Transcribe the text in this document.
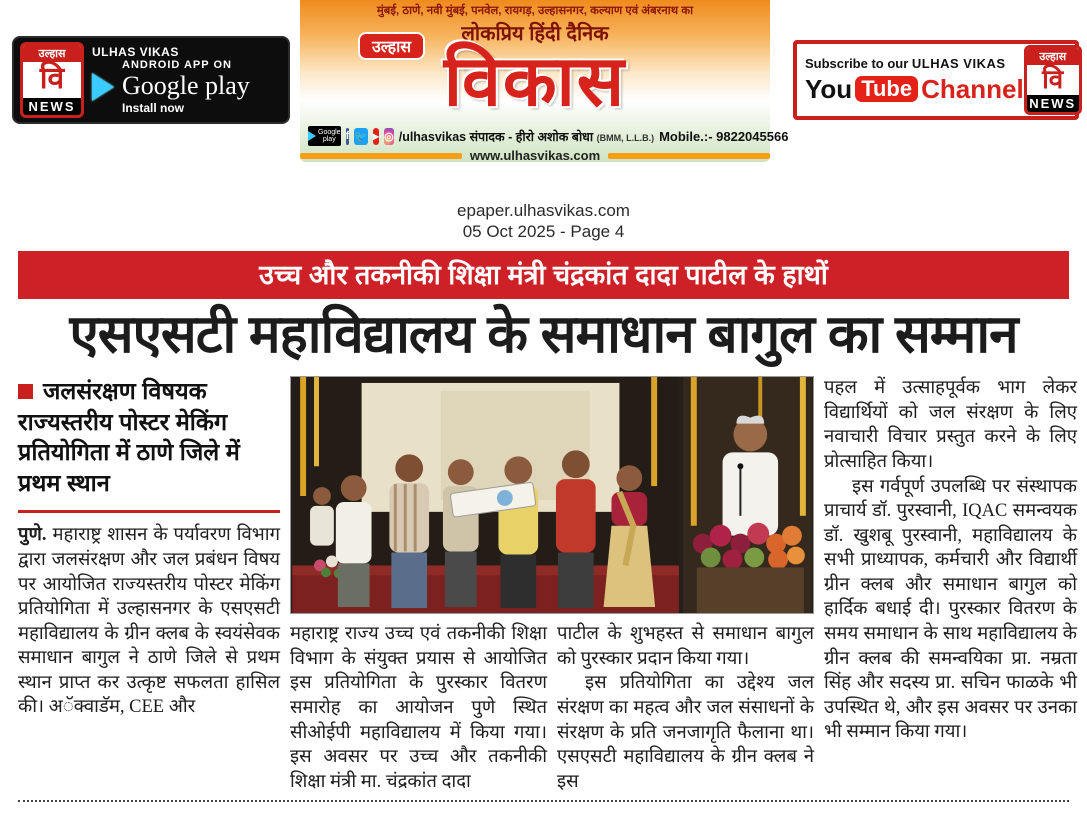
उल्हास
वि
NEWS
ULHAS VIKAS
ANDROID APP ON
Google play
Install now
मुंबई, ठाणे, नवी मुंबई, पनवेल, रायगड़, उल्हासनगर, कल्याण एवं अंबरनाथ का
लोकप्रिय हिंदी दैनिक
उल्हास विकास
Google play f 🐦 ▶ ◎ /ulhasvikas संपादक - हीरो अशोक बोधा (BMM, L.L.B.) Mobile.:- 9822045566
www.ulhasvikas.com
Subscribe to our ULHAS VIKAS
You Tube Channel
उल्हास
वि
NEWS
epaper.ulhasvikas.com
05 Oct 2025 - Page 4
उच्च और तकनीकी शिक्षा मंत्री चंद्रकांत दादा पाटील के हाथों
एसएसटी महाविद्यालय के समाधान बागुल का सम्मान
जलसंरक्षण विषयक राज्यस्तरीय पोस्टर मेकिंग प्रतियोगिता में ठाणे जिले में प्रथम स्थान

पुणे. महाराष्ट्र शासन के पर्यावरण विभाग द्वारा जलसंरक्षण और जल प्रबंधन विषय पर आयोजित राज्यस्तरीय पोस्टर मेकिंग प्रतियोगिता में उल्हासनगर के एसएसटी महाविद्यालय के ग्रीन क्लब के स्वयंसेवक समाधान बागुल ने ठाणे जिले से प्रथम स्थान प्राप्त कर उत्कृष्ट सफलता हासिल की। अॅक्वाडॅम, CEE और

महाराष्ट्र राज्य उच्च एवं तकनीकी शिक्षा विभाग के संयुक्त प्रयास से आयोजित इस प्रतियोगिता के पुरस्कार वितरण समारोह का आयोजन पुणे स्थित सीओईपी महाविद्यालय में किया गया। इस अवसर पर उच्च और तकनीकी शिक्षा मंत्री मा. चंद्रकांत दादा

पाटील के शुभहस्त से समाधान बागुल को पुरस्कार प्रदान किया गया।

इस प्रतियोगिता का उद्देश्य जल संरक्षण का महत्व और जल संसाधनों के संरक्षण के प्रति जनजागृति फैलाना था। एसएसटी महाविद्यालय के ग्रीन क्लब ने इस

पहल में उत्साहपूर्वक भाग लेकर विद्यार्थियों को जल संरक्षण के लिए नवाचारी विचार प्रस्तुत करने के लिए प्रोत्साहित किया।

इस गर्वपूर्ण उपलब्धि पर संस्थापक प्राचार्य डॉ. पुरस्वानी, IQAC समन्वयक डॉ. खुशबू पुरस्वानी, महाविद्यालय के सभी प्राध्यापक, कर्मचारी और विद्यार्थी ग्रीन क्लब और समाधान बागुल को हार्दिक बधाई दी। पुरस्कार वितरण के समय समाधान के साथ महाविद्यालय के ग्रीन क्लब की समन्वयिका प्रा. नम्रता सिंह और सदस्य प्रा. सचिन फाळके भी उपस्थित थे, और इस अवसर पर उनका भी सम्मान किया गया।
